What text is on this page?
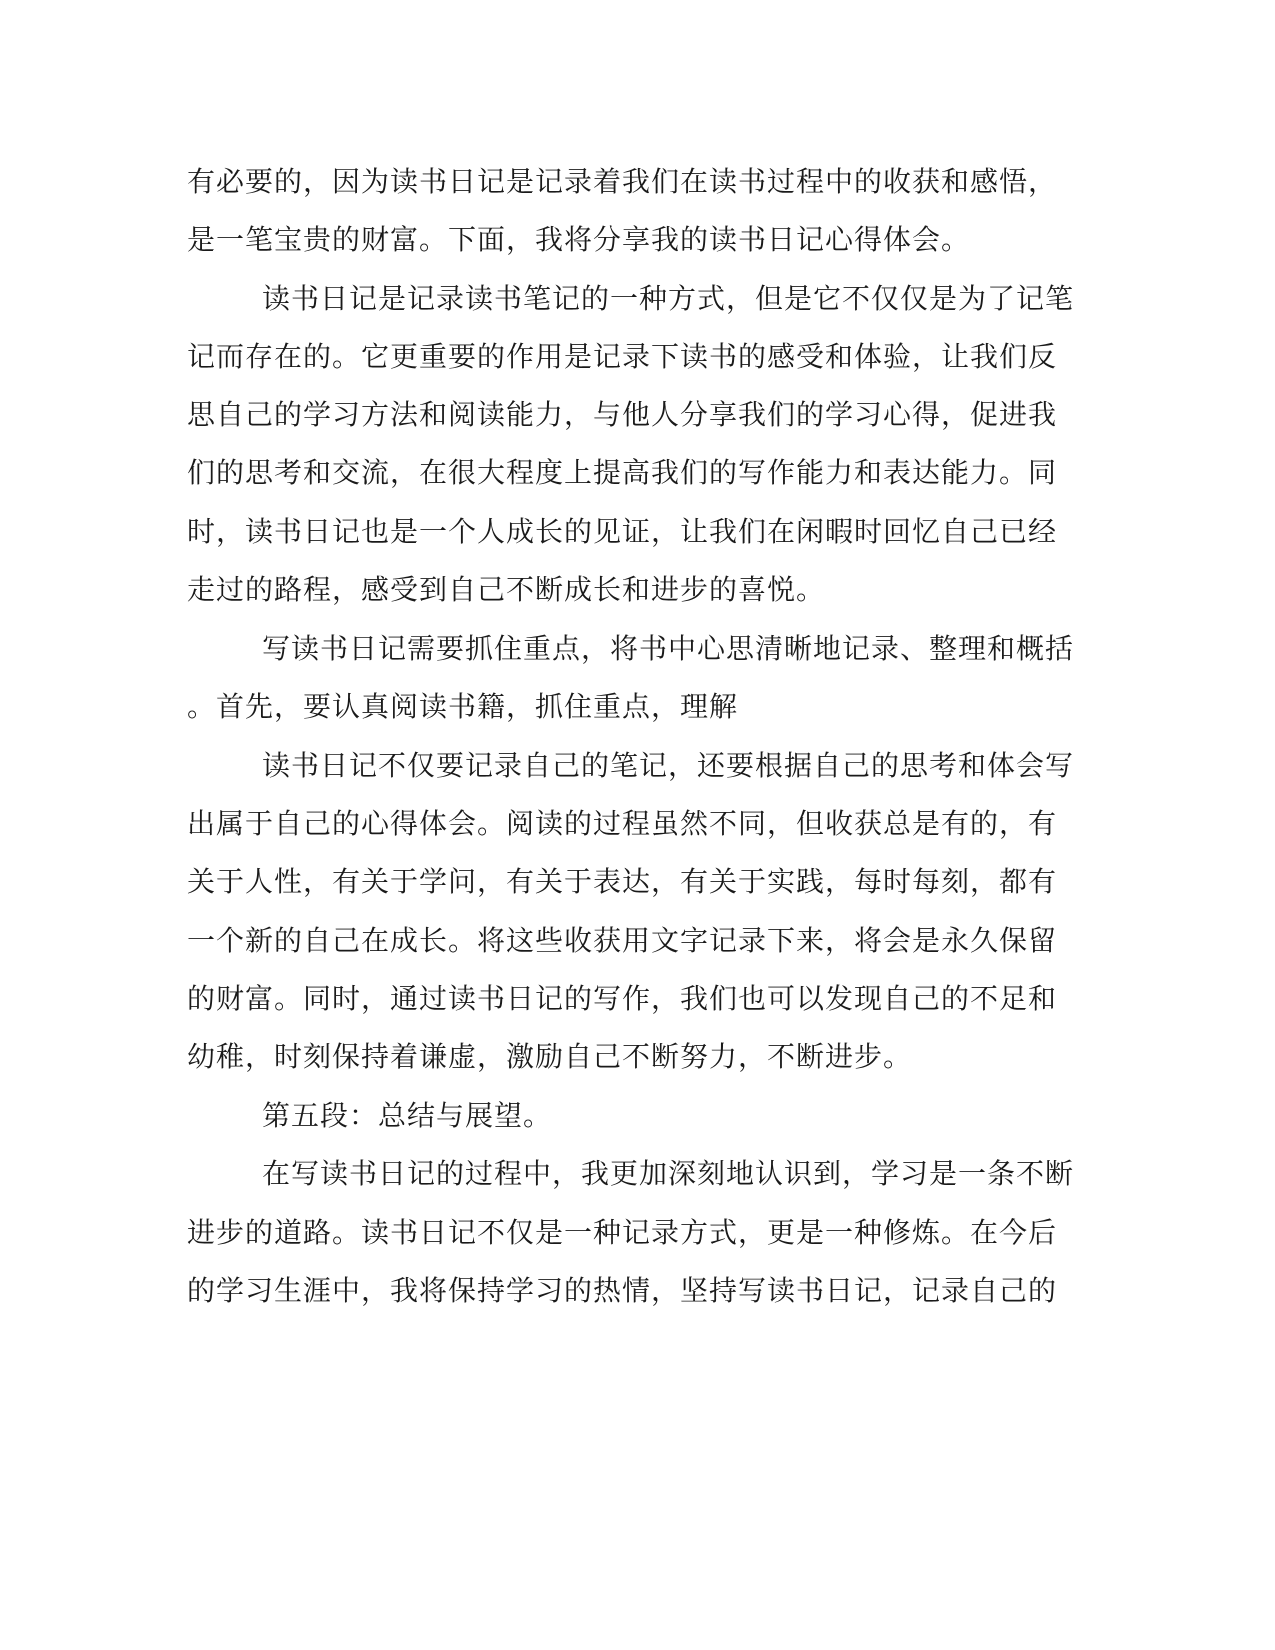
有必要的，因为读书日记是记录着我们在读书过程中的收获和感悟，
是一笔宝贵的财富。下面，我将分享我的读书日记心得体会。
读书日记是记录读书笔记的一种方式，但是它不仅仅是为了记笔
记而存在的。它更重要的作用是记录下读书的感受和体验，让我们反
思自己的学习方法和阅读能力，与他人分享我们的学习心得，促进我
们的思考和交流，在很大程度上提高我们的写作能力和表达能力。同
时，读书日记也是一个人成长的见证，让我们在闲暇时回忆自己已经
走过的路程，感受到自己不断成长和进步的喜悦。
写读书日记需要抓住重点，将书中心思清晰地记录、整理和概括
。首先，要认真阅读书籍，抓住重点，理解
读书日记不仅要记录自己的笔记，还要根据自己的思考和体会写
出属于自己的心得体会。阅读的过程虽然不同，但收获总是有的，有
关于人性，有关于学问，有关于表达，有关于实践，每时每刻，都有
一个新的自己在成长。将这些收获用文字记录下来，将会是永久保留
的财富。同时，通过读书日记的写作，我们也可以发现自己的不足和
幼稚，时刻保持着谦虚，激励自己不断努力，不断进步。
第五段：总结与展望。
在写读书日记的过程中，我更加深刻地认识到，学习是一条不断
进步的道路。读书日记不仅是一种记录方式，更是一种修炼。在今后
的学习生涯中，我将保持学习的热情，坚持写读书日记，记录自己的
